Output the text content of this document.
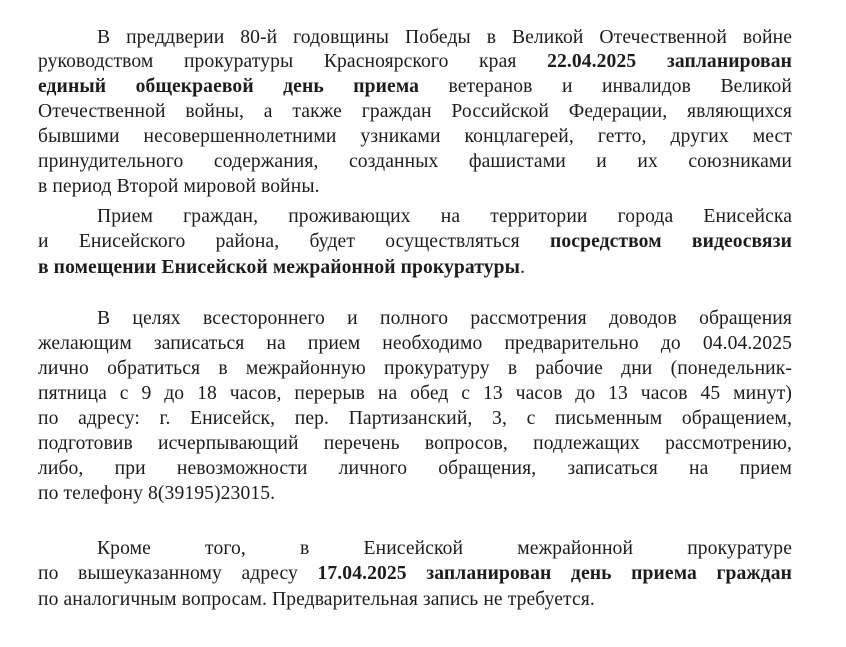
В преддверии 80-й годовщины Победы в Великой Отечественной войне
руководством прокуратуры Красноярского края 22.04.2025 запланирован
единый общекраевой день приема ветеранов и инвалидов Великой
Отечественной войны, а также граждан Российской Федерации, являющихся
бывшими несовершеннолетними узниками концлагерей, гетто, других мест
принудительного содержания, созданных фашистами и их союзниками
в период Второй мировой войны.
Прием граждан, проживающих на территории города Енисейска
и Енисейского района, будет осуществляться посредством видеосвязи
в помещении Енисейской межрайонной прокуратуры.
В целях всестороннего и полного рассмотрения доводов обращения
желающим записаться на прием необходимо предварительно до 04.04.2025
лично обратиться в межрайонную прокуратуру в рабочие дни (понедельник-
пятница с 9 до 18 часов, перерыв на обед с 13 часов до 13 часов 45 минут)
по адресу: г. Енисейск, пер. Партизанский, 3, с письменным обращением,
подготовив исчерпывающий перечень вопросов, подлежащих рассмотрению,
либо, при невозможности личного обращения, записаться на прием
по телефону 8(39195)23015.
Кроме того, в Енисейской межрайонной прокуратуре
по вышеуказанному адресу 17.04.2025 запланирован день приема граждан
по аналогичным вопросам. Предварительная запись не требуется.
